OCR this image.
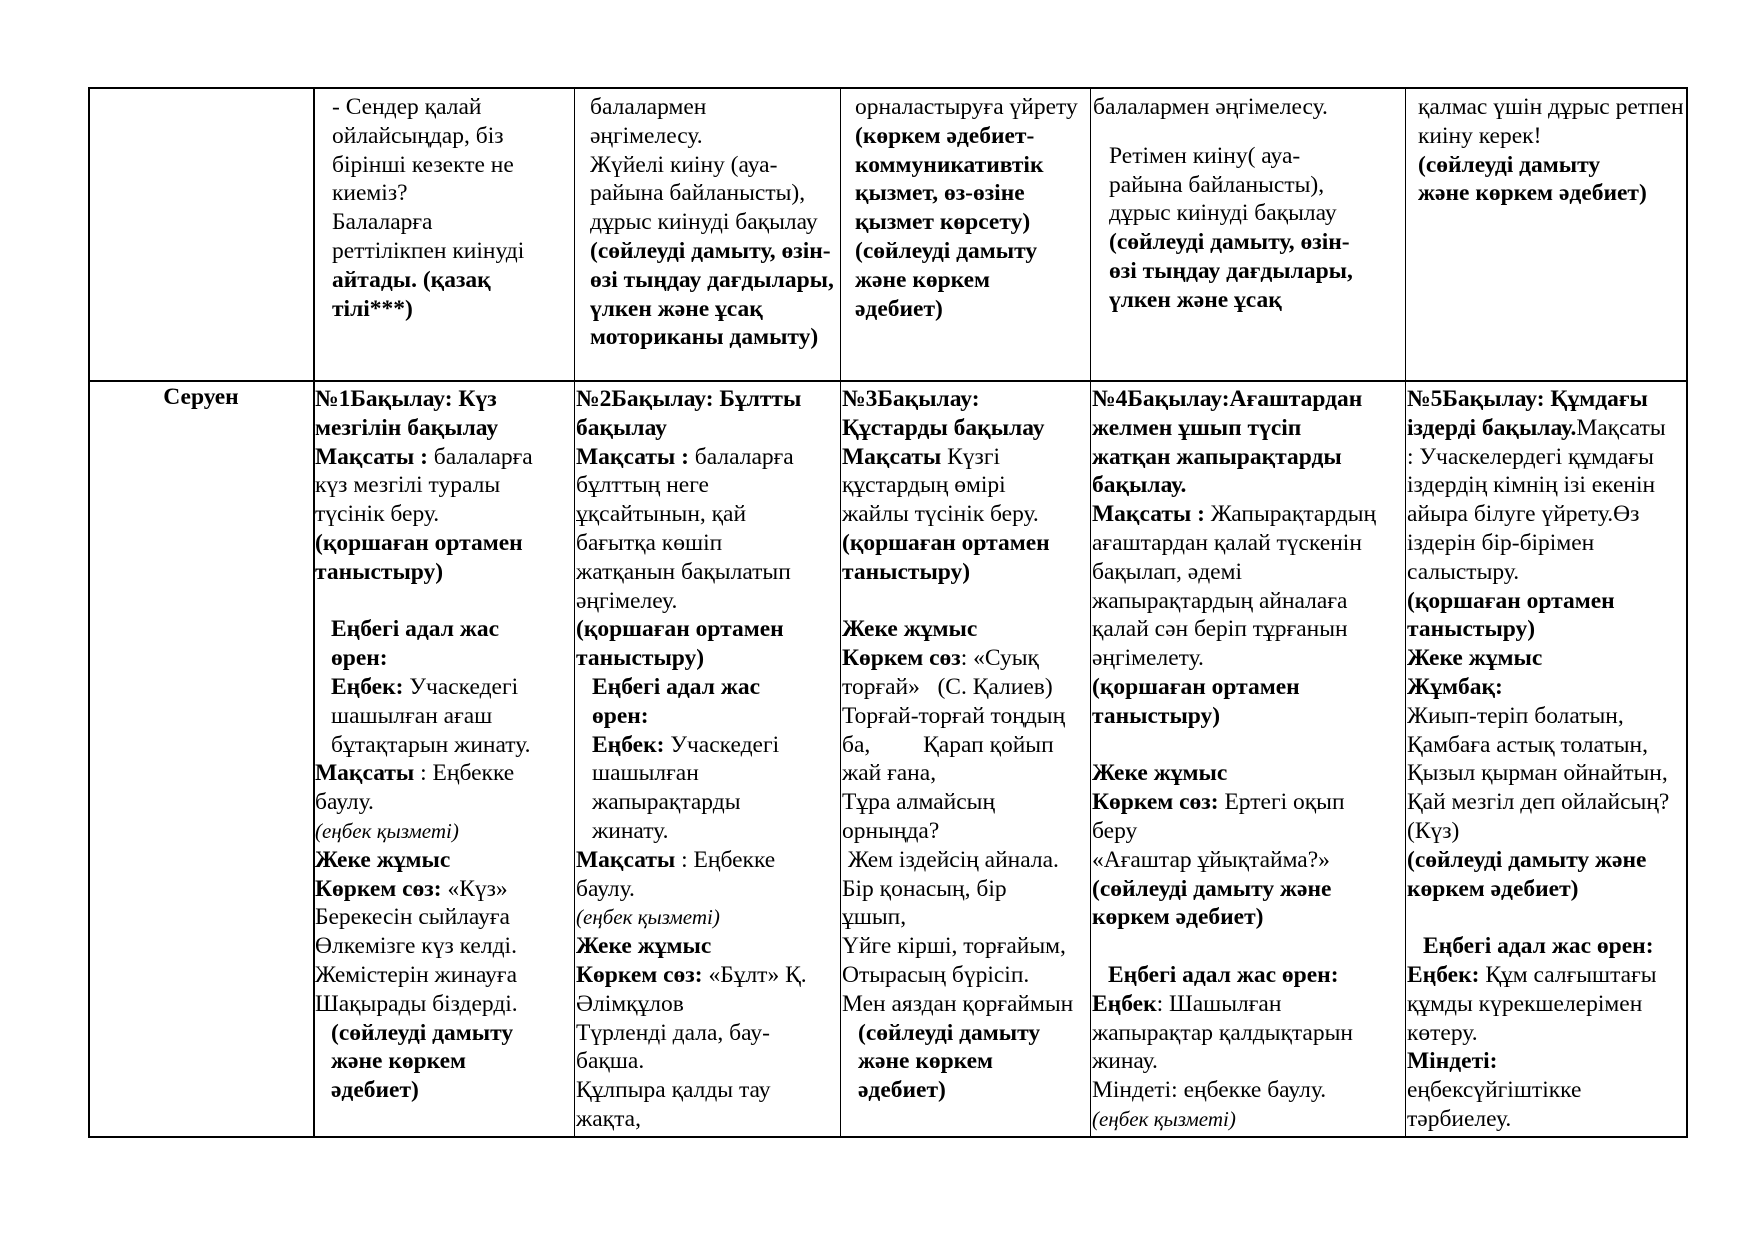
- Сендер қалай
ойлайсыңдар, біз
бірінші кезекте не
киеміз?
Балаларға
реттілікпен киінуді
айтады. (қазақ
тілі***)
балалармен
әңгімелесу.
Жүйелі киіну (ауа-
райына байланысты),
дұрыс киінуді бақылау
(сөйлеуді дамыту, өзін-
өзі тыңдау дағдылары,
үлкен және ұсақ
моториканы дамыту)
орналастыруға үйрету
(көркем әдебиет-
коммуникативтік
қызмет, өз-өзіне
қызмет көрсету)
(сөйлеуді дамыту
және көркем
әдебиет)
балалармен әңгімелесу.
Ретімен киіну( ауа-
райына байланысты),
дұрыс киінуді бақылау
(сөйлеуді дамыту, өзін-
өзі тыңдау дағдылары,
үлкен және ұсақ
қалмас үшін дұрыс ретпен
киіну керек!
(сөйлеуді дамыту
және көркем әдебиет)
Серуен	№1Бақылау: Күз
мезгілін бақылау
Мақсаты : балаларға
күз мезгілі туралы
түсінік беру.
(қоршаған ортамен
таныстыру)
Еңбегі адал жас
өрен:
Еңбек: Учаскедегі
шашылған ағаш
бұтақтарын жинату.
Мақсаты : Еңбекке
баулу.
(еңбек қызметі)
Жеке жұмыс
Көркем сөз: «Күз»
Берекесін сыйлауға
Өлкемізге күз келді.
Жемістерін жинауға
Шақырады біздерді.
(сөйлеуді дамыту
және көркем
әдебиет)
№2Бақылау: Бұлтты
бақылау
Мақсаты : балаларға
бұлттың неге
ұқсайтынын, қай
бағытқа көшіп
жатқанын бақылатып
әңгімелеу.
(қоршаған ортамен
таныстыру)
Еңбегі адал жас
өрен:
Еңбек: Учаскедегі
шашылған
жапырақтарды
жинату.
Мақсаты : Еңбекке
баулу.
(еңбек қызметі)
Жеке жұмыс
Көркем сөз: «Бұлт» Қ.
Әлімқұлов
Түрленді дала, бау-
бақша.
Құлпыра қалды тау
жақта,
№3Бақылау:
Құстарды бақылау
Мақсаты Күзгі
құстардың өмірі
жайлы түсінік беру.
(қоршаған ортамен
таныстыру)
Жеке жұмыс
Көркем сөз: «Суық
торғай»   (С. Қалиев)
Торғай-торғай тоңдың
ба,         Қарап қойып
жай ғана,
Тұра алмайсың
орныңда?
Жем іздейсің айнала.
Бір қонасың, бір
ұшып,
Үйге кірші, торғайым,
Отырасың бүрісіп.
Мен аяздан қорғаймын
(сөйлеуді дамыту
және көркем
әдебиет)
№4Бақылау:Ағаштардан
желмен ұшып түсіп
жатқан жапырақтарды
бақылау.
Мақсаты : Жапырақтардың
ағаштардан қалай түскенін
бақылап, әдемі
жапырақтардың айналаға
қалай сән беріп тұрғанын
әңгімелету.
(қоршаған ортамен
таныстыру)
Жеке жұмыс
Көркем сөз: Ертегі оқып
беру
«Ағаштар ұйықтайма?»
(сөйлеуді дамыту және
көркем әдебиет)
Еңбегі адал жас өрен:
Еңбек: Шашылған
жапырақтар қалдықтарын
жинау.
Міндеті: еңбекке баулу.
(еңбек қызметі)
№5Бақылау: Құмдағы
іздерді бақылау.Мақсаты
: Учаскелердегі құмдағы
іздердің кімнің ізі екенін
айыра білуге үйрету.Өз
іздерін бір-бірімен
салыстыру.
(қоршаған ортамен
таныстыру)
Жеке жұмыс
Жұмбақ:
Жиып-теріп болатын,
Қамбаға астық толатын,
Қызыл қырман ойнайтын,
Қай мезгіл деп ойлайсың?
(Күз)
(сөйлеуді дамыту және
көркем әдебиет)
Еңбегі адал жас өрен:
Еңбек: Құм салғыштағы
құмды күрекшелерімен
көтеру.
Міндеті:
еңбексүйгіштікке
тәрбиелеу.
